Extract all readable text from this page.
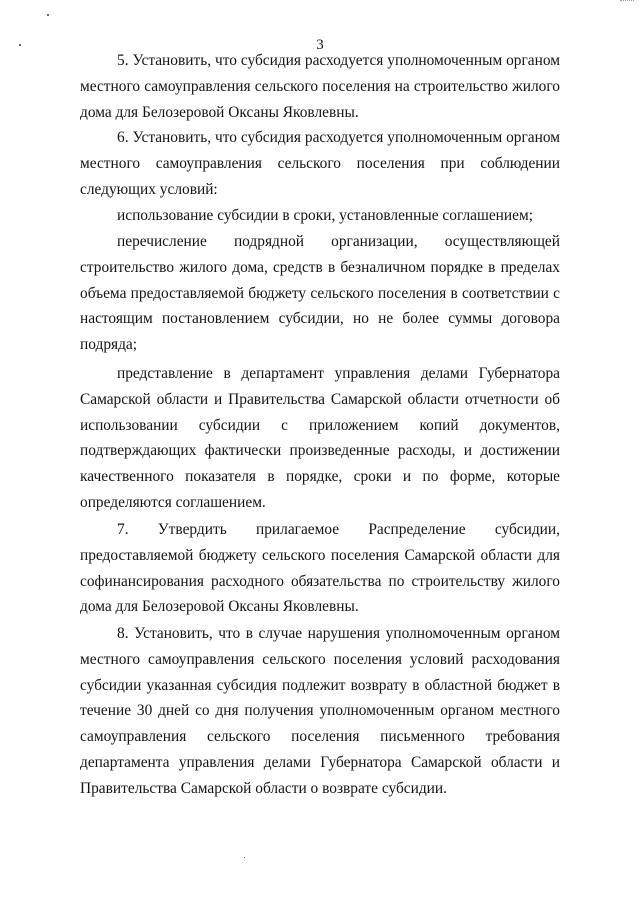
3

5. Установить, что субсидия расходуется уполномоченным органом местного самоуправления сельского поселения на строительство жилого дома для Белозеровой Оксаны Яковлевны.

6. Установить, что субсидия расходуется уполномоченным органом местного самоуправления сельского поселения при соблюдении следующих условий:

использование субсидии в сроки, установленные соглашением;

перечисление подрядной организации, осуществляющей строительство жилого дома, средств в безналичном порядке в пределах объема предоставляемой бюджету сельского поселения в соответствии с настоящим постановлением субсидии, но не более суммы договора подряда;

представление в департамент управления делами Губернатора Самарской области и Правительства Самарской области отчетности об использовании субсидии с приложением копий документов, подтверждающих фактически произведенные расходы, и достижении качественного показателя в порядке, сроки и по форме, которые определяются соглашением.

7. Утвердить прилагаемое Распределение субсидии, предоставляемой бюджету сельского поселения Самарской области для софинансирования расходного обязательства по строительству жилого дома для Белозеровой Оксаны Яковлевны.

8. Установить, что в случае нарушения уполномоченным органом местного самоуправления сельского поселения условий расходования субсидии указанная субсидия подлежит возврату в областной бюджет в течение 30 дней со дня получения уполномоченным органом местного самоуправления сельского поселения письменного требования департамента управления делами Губернатора Самарской области и Правительства Самарской области о возврате субсидии.
